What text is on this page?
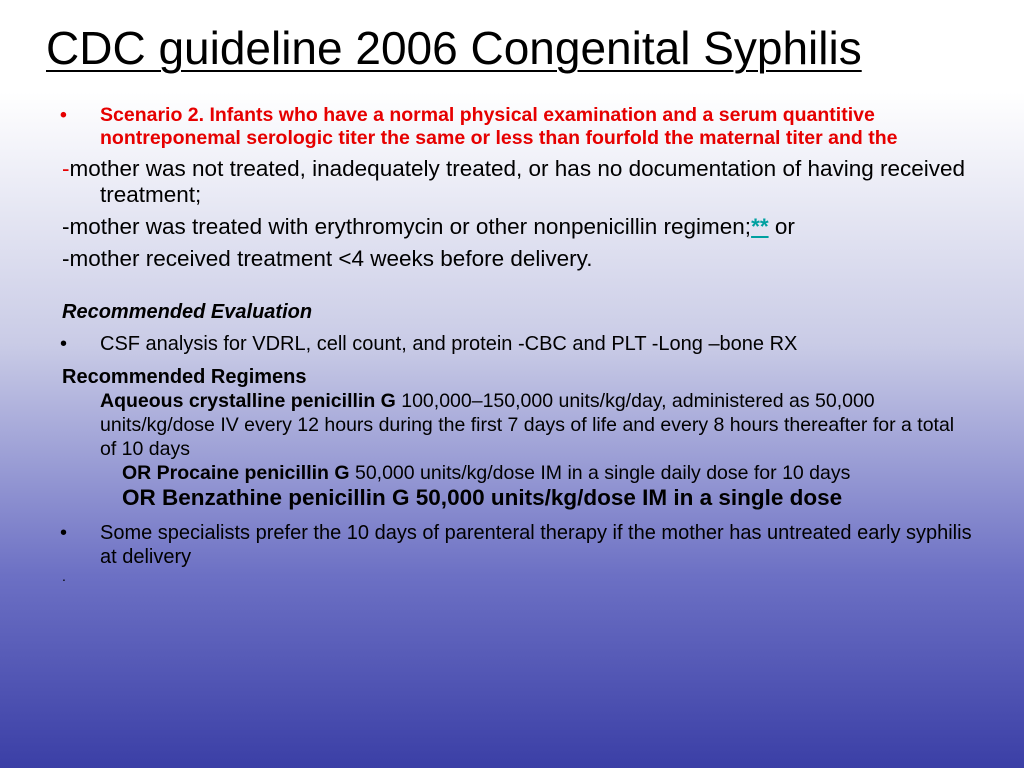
CDC guideline 2006 Congenital Syphilis
• Scenario 2. Infants who have a normal physical examination and a serum quantitive nontreponemal serologic titer the same or less than fourfold the maternal titer and the
-mother was not treated, inadequately treated, or has no documentation of having received treatment;
-mother was treated with erythromycin or other nonpenicillin regimen;** or
-mother received treatment <4 weeks before delivery.
Recommended Evaluation
• CSF analysis for VDRL, cell count, and protein -CBC and PLT -Long –bone RX
Recommended Regimens
Aqueous crystalline penicillin G 100,000–150,000 units/kg/day, administered as 50,000 units/kg/dose IV every 12 hours during the first 7 days of life and every 8 hours thereafter for a total of 10 days
OR Procaine penicillin G 50,000 units/kg/dose IM in a single daily dose for 10 days
OR Benzathine penicillin G 50,000 units/kg/dose IM in a single dose
• Some specialists prefer the 10 days of parenteral therapy if the mother has untreated early syphilis at delivery
.
